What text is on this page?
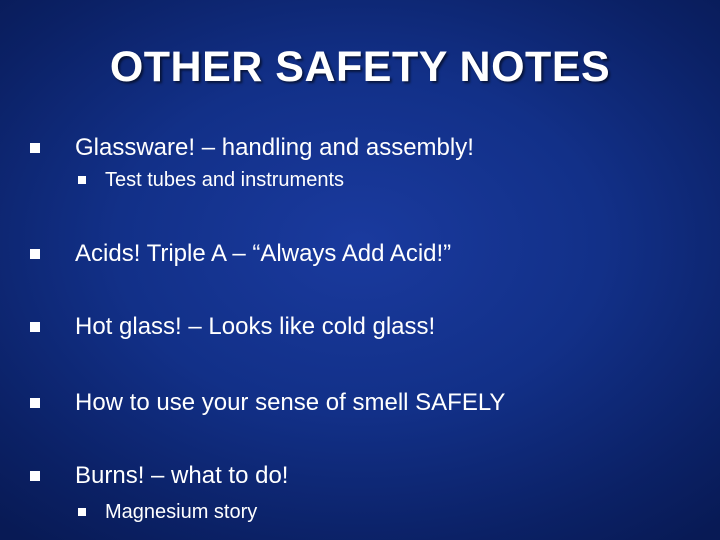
OTHER SAFETY NOTES
Glassware! – handling and assembly!
Test tubes and instruments
Acids! Triple A – “Always Add Acid!”
Hot glass! – Looks like cold glass!
How to use your sense of smell SAFELY
Burns! – what to do!
Magnesium story
